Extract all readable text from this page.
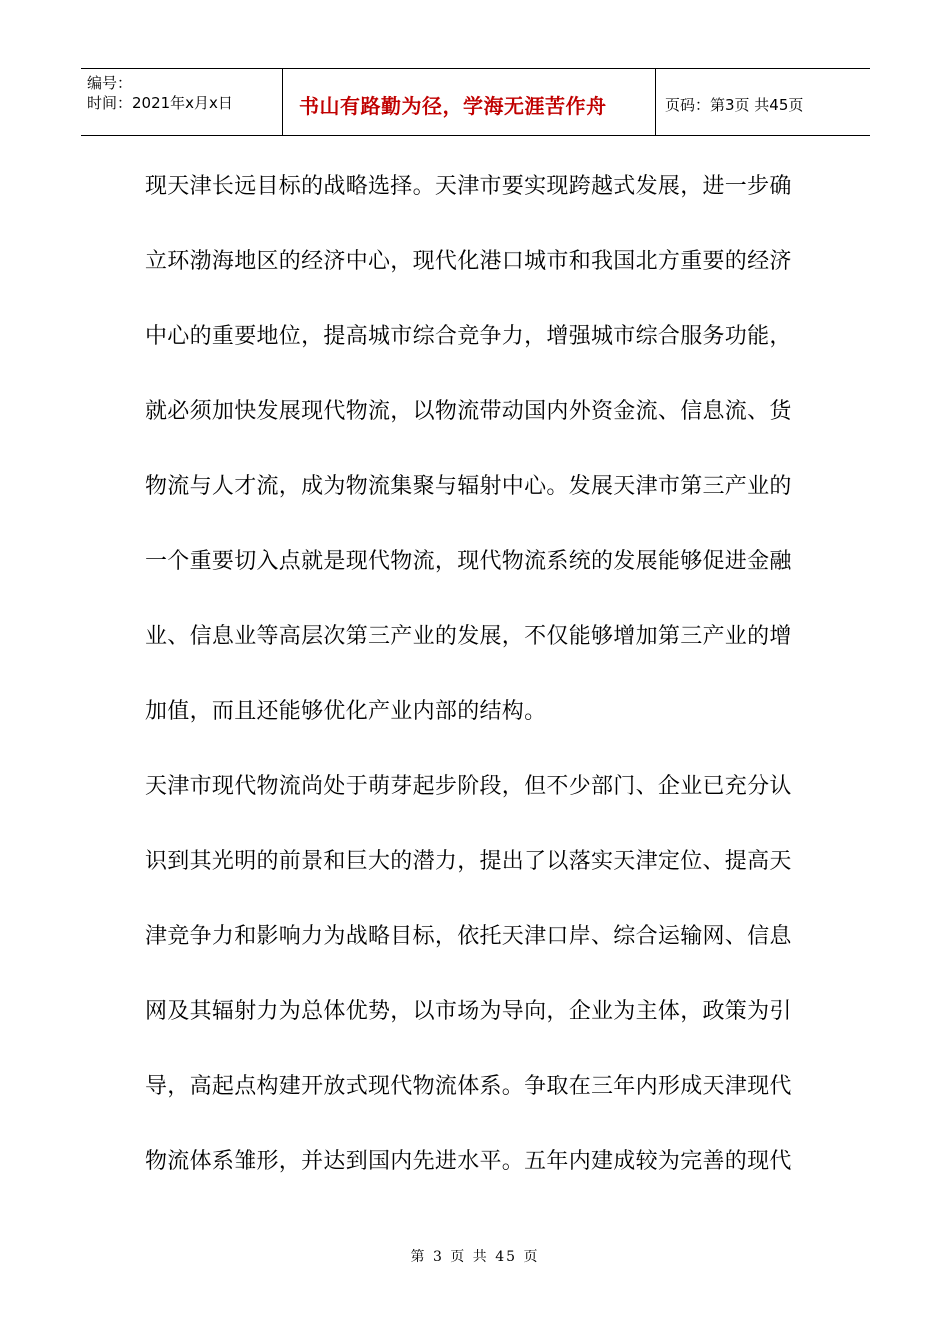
编号：
时间：2021年x月x日	书山有路勤为径，学海无涯苦作舟	页码：第3页 共45页
现天津长远目标的战略选择。天津市要实现跨越式发展，进一步确
立环渤海地区的经济中心，现代化港口城市和我国北方重要的经济
中心的重要地位，提高城市综合竞争力，增强城市综合服务功能，
就必须加快发展现代物流，以物流带动国内外资金流、信息流、货
物流与人才流，成为物流集聚与辐射中心。发展天津市第三产业的
一个重要切入点就是现代物流，现代物流系统的发展能够促进金融
业、信息业等高层次第三产业的发展，不仅能够增加第三产业的增
加值，而且还能够优化产业内部的结构。
天津市现代物流尚处于萌芽起步阶段，但不少部门、企业已充分认
识到其光明的前景和巨大的潜力，提出了以落实天津定位、提高天
津竞争力和影响力为战略目标，依托天津口岸、综合运输网、信息
网及其辐射力为总体优势，以市场为导向，企业为主体，政策为引
导，高起点构建开放式现代物流体系。争取在三年内形成天津现代
物流体系雏形，并达到国内先进水平。五年内建成较为完善的现代
第 3 页 共 45 页
